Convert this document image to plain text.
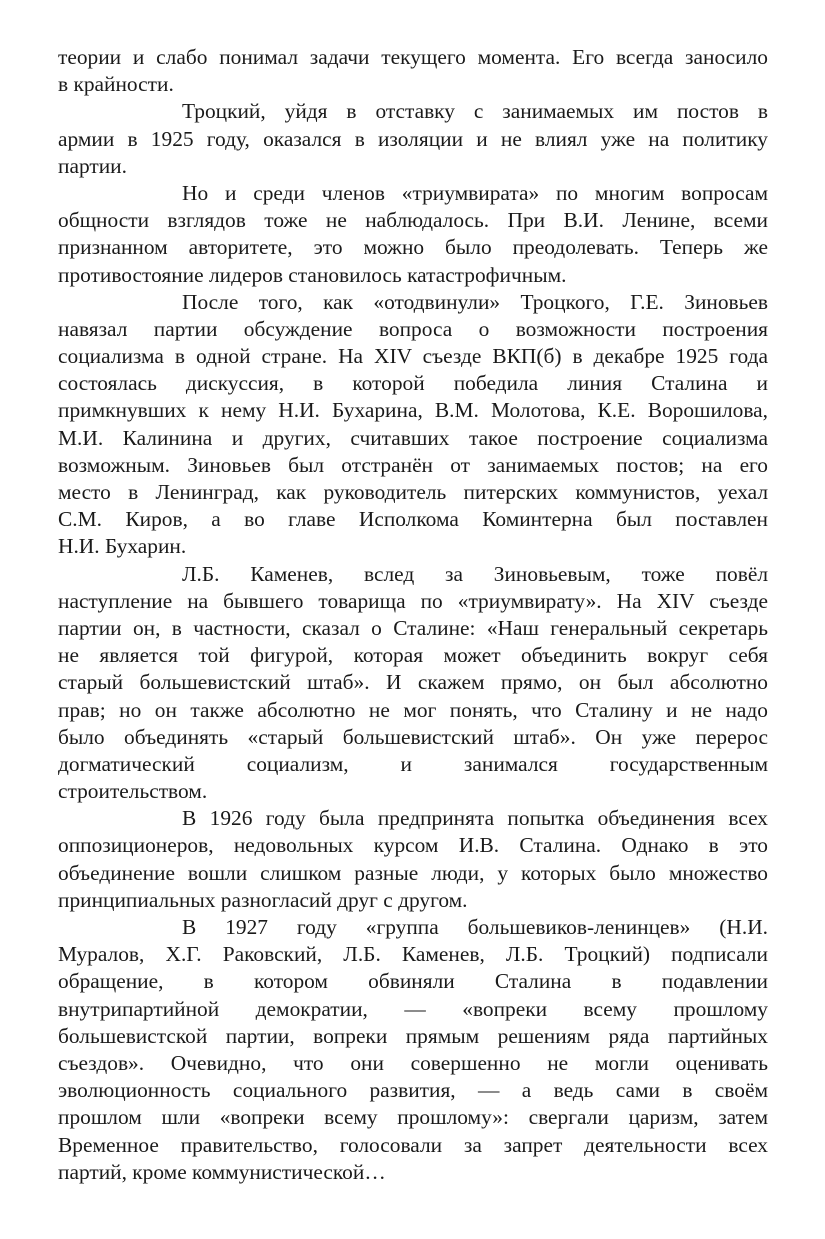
теории и слабо понимал задачи текущего момента. Его всегда заносило
в крайности.
Троцкий, уйдя в отставку с занимаемых им постов в
армии в 1925 году, оказался в изоляции и не влиял уже на политику
партии.
Но и среди членов «триумвирата» по многим вопросам
общности взглядов тоже не наблюдалось. При В.И. Ленине, всеми
признанном авторитете, это можно было преодолевать. Теперь же
противостояние лидеров становилось катастрофичным.
После того, как «отодвинули» Троцкого, Г.Е. Зиновьев
навязал партии обсуждение вопроса о возможности построения
социализма в одной стране. На XIV съезде ВКП(б) в декабре 1925 года
состоялась дискуссия, в которой победила линия Сталина и
примкнувших к нему Н.И. Бухарина, В.М. Молотова, К.Е. Ворошилова,
М.И. Калинина и других, считавших такое построение социализма
возможным. Зиновьев был отстранён от занимаемых постов; на его
место в Ленинград, как руководитель питерских коммунистов, уехал
С.М. Киров, а во главе Исполкома Коминтерна был поставлен
Н.И. Бухарин.
Л.Б. Каменев, вслед за Зиновьевым, тоже повёл
наступление на бывшего товарища по «триумвирату». На XIV съезде
партии он, в частности, сказал о Сталине: «Наш генеральный секретарь
не является той фигурой, которая может объединить вокруг себя
старый большевистский штаб». И скажем прямо, он был абсолютно
прав; но он также абсолютно не мог понять, что Сталину и не надо
было объединять «старый большевистский штаб». Он уже перерос
догматический социализм, и занимался государственным
строительством.
В 1926 году была предпринята попытка объединения всех
оппозиционеров, недовольных курсом И.В. Сталина. Однако в это
объединение вошли слишком разные люди, у которых было множество
принципиальных разногласий друг с другом.
В 1927 году «группа большевиков-ленинцев» (Н.И.
Муралов, Х.Г. Раковский, Л.Б. Каменев, Л.Б. Троцкий) подписали
обращение, в котором обвиняли Сталина в подавлении
внутрипартийной демократии, — «вопреки всему прошлому
большевистской партии, вопреки прямым решениям ряда партийных
съездов». Очевидно, что они совершенно не могли оценивать
эволюционность социального развития, — а ведь сами в своём
прошлом шли «вопреки всему прошлому»: свергали царизм, затем
Временное правительство, голосовали за запрет деятельности всех
партий, кроме коммунистической…
